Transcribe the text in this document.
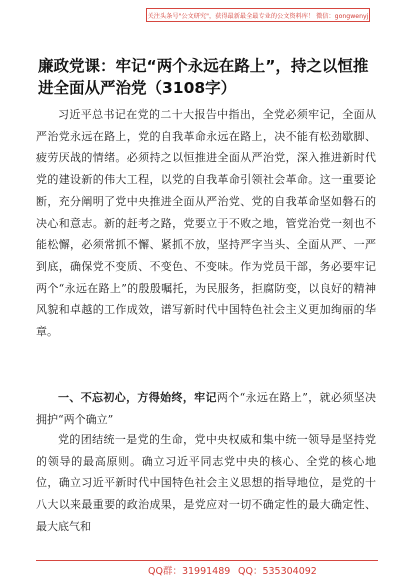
关注头条号"公文研究"，获得最新最全最专业的公文资料库！ 微信：gongwenyj
廉政党课：牢记“两个永远在路上”，持之以恒推进全面从严治党（3108字）
习近平总书记在党的二十大报告中指出，全党必须牢记，全面从严治党永远在路上，党的自我革命永远在路上，决不能有松劲歇脚、疲劳厌战的情绪。必须持之以恒推进全面从严治党，深入推进新时代党的建设新的伟大工程，以党的自我革命引领社会革命。这一重要论断，充分阐明了党中央推进全面从严治党、党的自我革命坚如磐石的决心和意志。新的赶考之路，党要立于不败之地，管党治党一刻也不能松懈，必须常抓不懈、紧抓不放，坚持严字当头、全面从严、一严到底，确保党不变质、不变色、不变味。作为党员干部，务必要牢记两个“永远在路上”的殷殷嘱托，为民服务，拒腐防变，以良好的精神风貌和卓越的工作成效，谱写新时代中国特色社会主义更加绚丽的华章。
一、不忘初心，方得始终，牢记两个“永远在路上”，就必须坚决拥护“两个确立”
党的团结统一是党的生命，党中央权威和集中统一领导是坚持党的领导的最高原则。确立习近平同志党中央的核心、全党的核心地位，确立习近平新时代中国特色社会主义思想的指导地位，是党的十八大以来最重要的政治成果，是党应对一切不确定性的最大确定性、最大底气和
QQ群：31991489 QQ：535304092
